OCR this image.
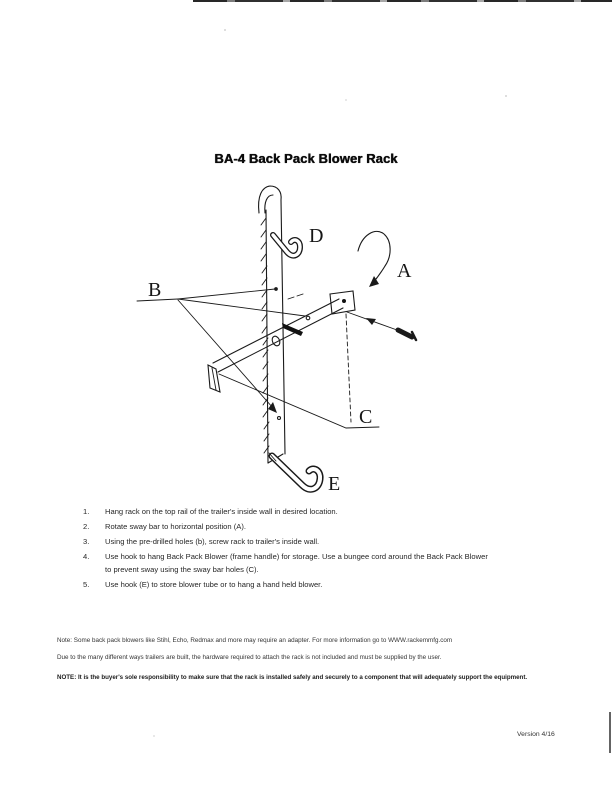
BA-4 Back Pack Blower Rack
A
B
C
D
E
1.	Hang rack on the top rail of the trailer's inside wall in desired location.
2.	Rotate sway bar to horizontal position (A).
3.	Using the pre-drilled holes (b), screw rack to trailer's inside wall.
4.	Use hook to hang Back Pack Blower (frame handle) for storage. Use a bungee cord around the Back Pack Blower to prevent sway using the sway bar holes (C).
5.	Use hook (E) to store blower tube or to hang a hand held blower.
Note: Some back pack blowers like Stihl, Echo, Redmax and more may require an adapter. For more information go to WWW.rackemmfg.com
Due to the many different ways trailers are built, the hardware required to attach the rack is not included and must be supplied by the user.
NOTE: It is the buyer's sole responsibility to make sure that the rack is installed safely and securely to a component that will adequately support the equipment.
Version 4/16
